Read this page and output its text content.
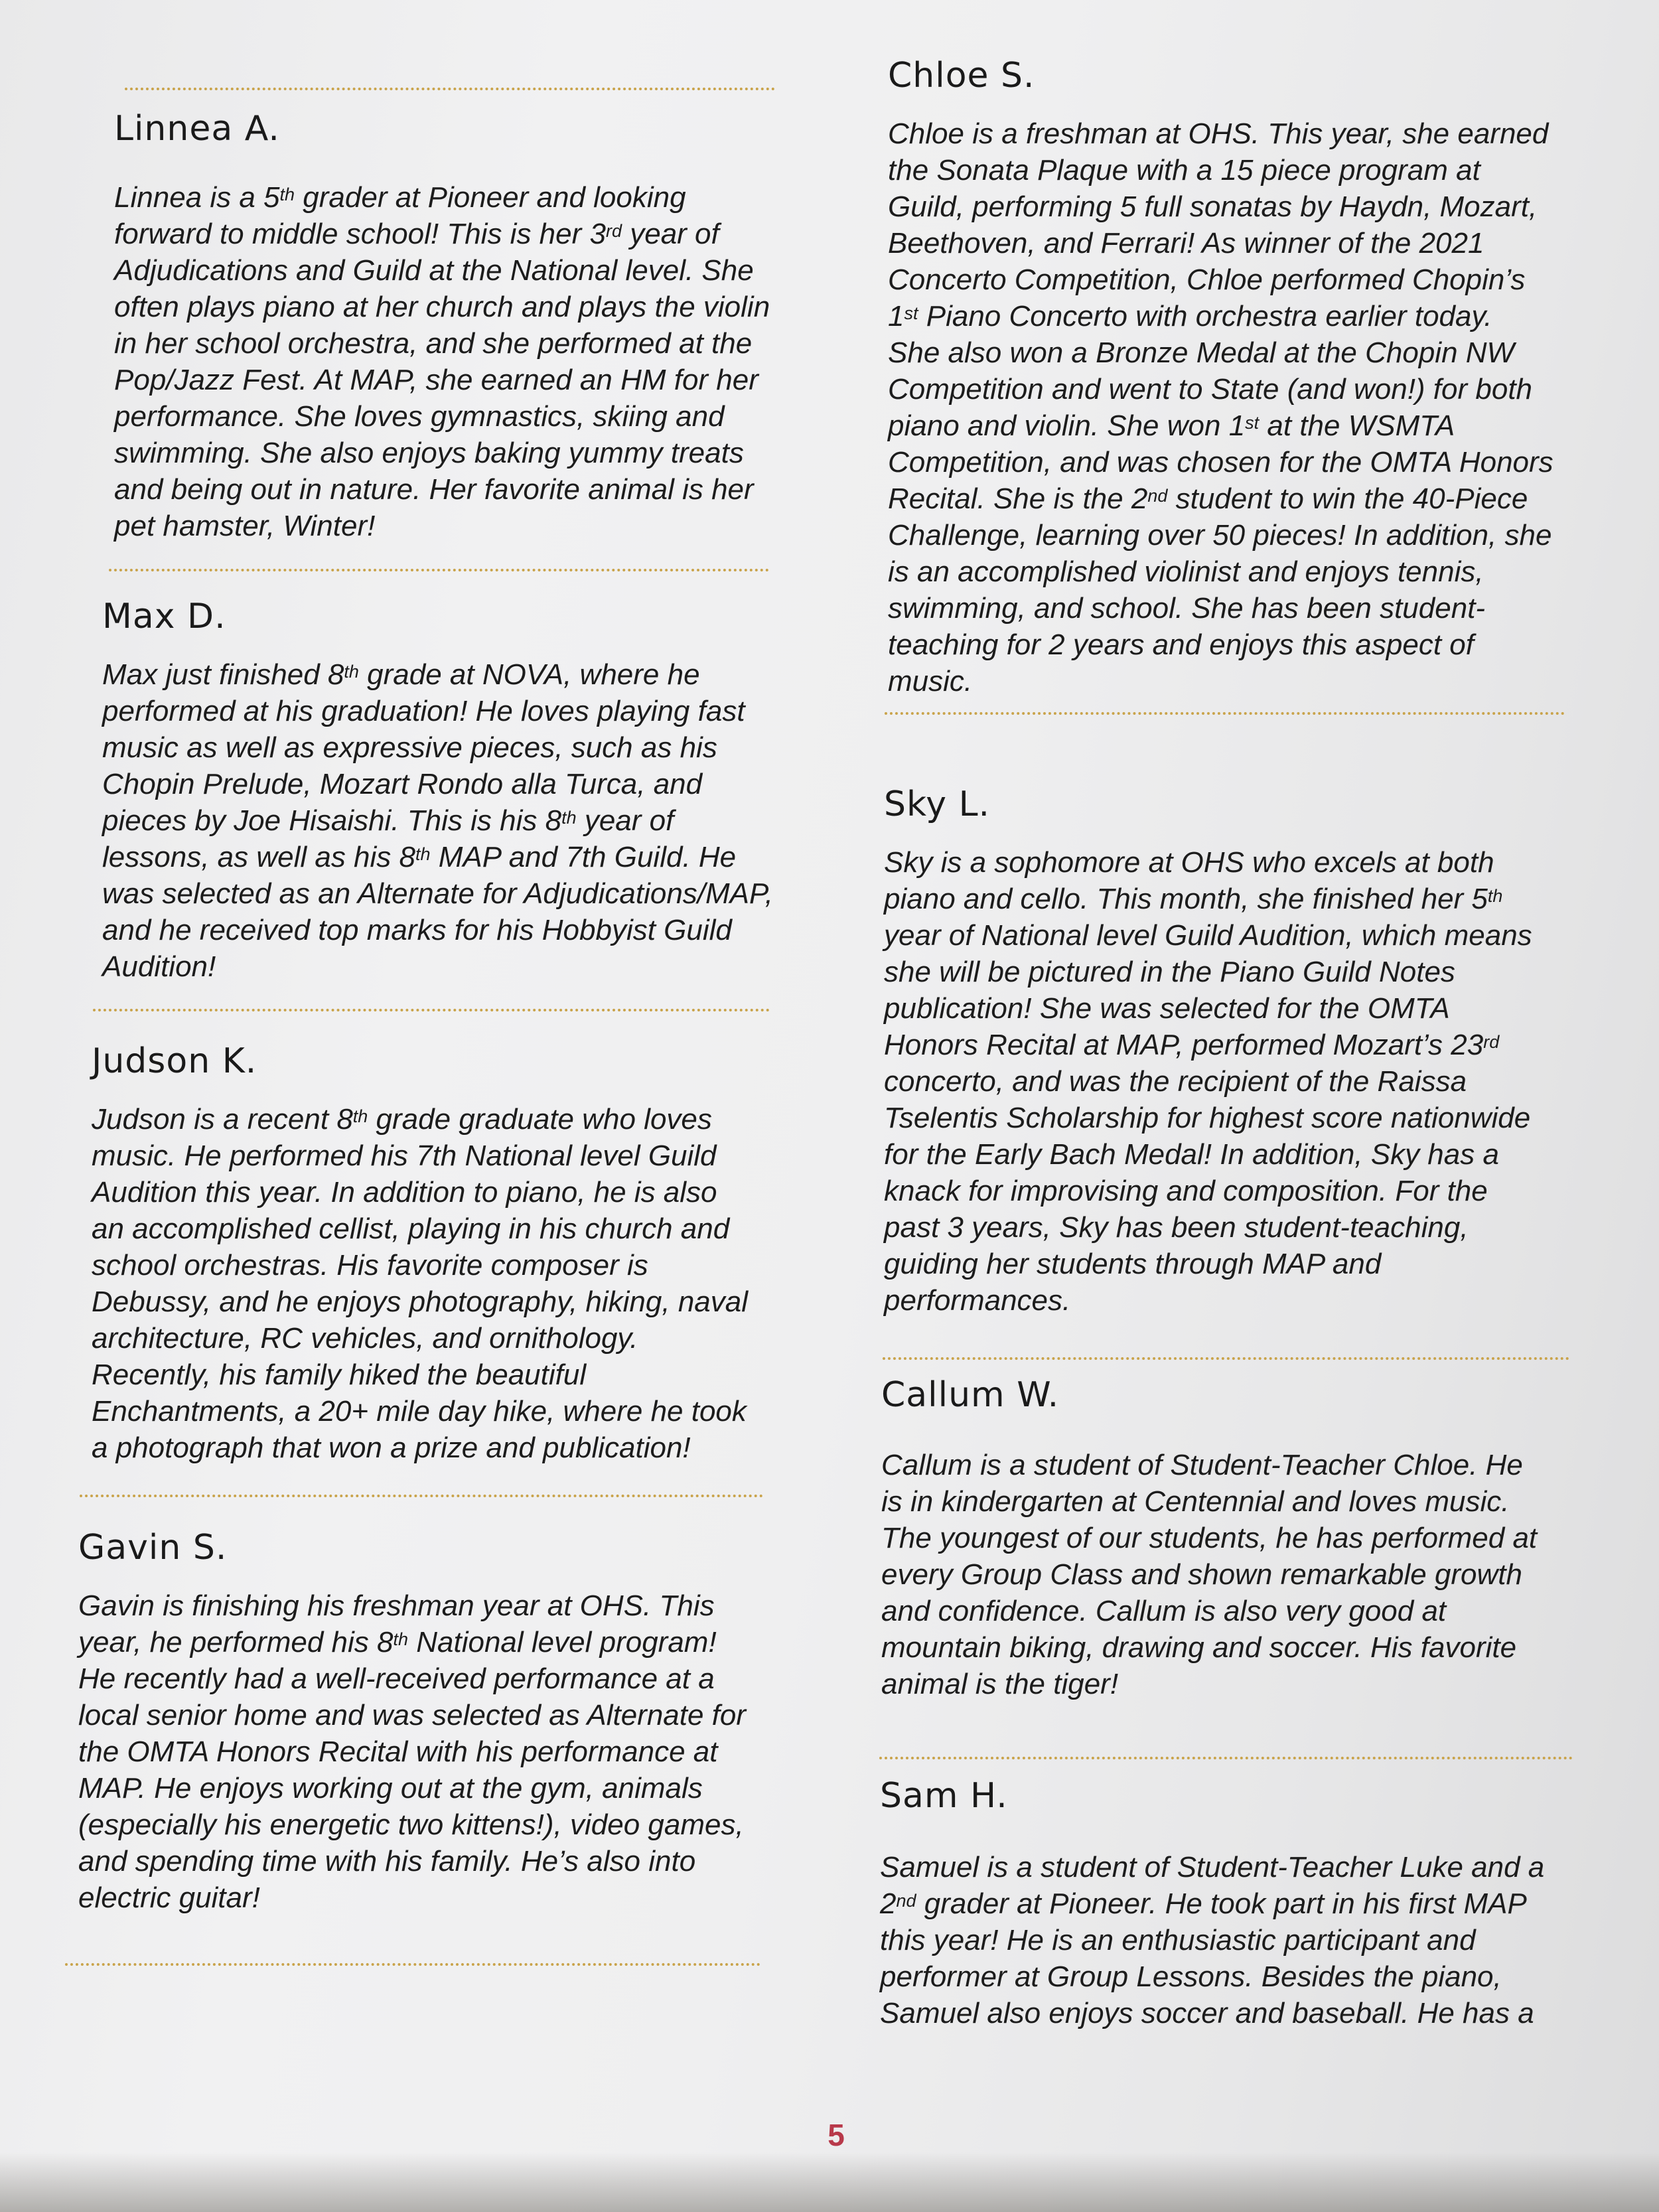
Linnea A.

Linnea is a 5th grader at Pioneer and looking
forward to middle school! This is her 3rd year of
Adjudications and Guild at the National level. She
often plays piano at her church and plays the violin
in her school orchestra, and she performed at the
Pop/Jazz Fest. At MAP, she earned an HM for her
performance. She loves gymnastics, skiing and
swimming. She also enjoys baking yummy treats
and being out in nature. Her favorite animal is her
pet hamster, Winter!

Max D.

Max just finished 8th grade at NOVA, where he
performed at his graduation! He loves playing fast
music as well as expressive pieces, such as his
Chopin Prelude, Mozart Rondo alla Turca, and
pieces by Joe Hisaishi. This is his 8th year of
lessons, as well as his 8th MAP and 7th Guild. He
was selected as an Alternate for Adjudications/MAP,
and he received top marks for his Hobbyist Guild
Audition!

Judson K.

Judson is a recent 8th grade graduate who loves
music. He performed his 7th National level Guild
Audition this year. In addition to piano, he is also
an accomplished cellist, playing in his church and
school orchestras. His favorite composer is
Debussy, and he enjoys photography, hiking, naval
architecture, RC vehicles, and ornithology.
Recently, his family hiked the beautiful
Enchantments, a 20+ mile day hike, where he took
a photograph that won a prize and publication!

Gavin S.

Gavin is finishing his freshman year at OHS. This
year, he performed his 8th National level program!
He recently had a well-received performance at a
local senior home and was selected as Alternate for
the OMTA Honors Recital with his performance at
MAP. He enjoys working out at the gym, animals
(especially his energetic two kittens!), video games,
and spending time with his family. He’s also into
electric guitar!

Chloe S.

Chloe is a freshman at OHS. This year, she earned
the Sonata Plaque with a 15 piece program at
Guild, performing 5 full sonatas by Haydn, Mozart,
Beethoven, and Ferrari! As winner of the 2021
Concerto Competition, Chloe performed Chopin’s
1st Piano Concerto with orchestra earlier today.
She also won a Bronze Medal at the Chopin NW
Competition and went to State (and won!) for both
piano and violin. She won 1st at the WSMTA
Competition, and was chosen for the OMTA Honors
Recital. She is the 2nd student to win the 40-Piece
Challenge, learning over 50 pieces! In addition, she
is an accomplished violinist and enjoys tennis,
swimming, and school. She has been student-
teaching for 2 years and enjoys this aspect of
music.

Sky L.

Sky is a sophomore at OHS who excels at both
piano and cello. This month, she finished her 5th
year of National level Guild Audition, which means
she will be pictured in the Piano Guild Notes
publication! She was selected for the OMTA
Honors Recital at MAP, performed Mozart’s 23rd
concerto, and was the recipient of the Raissa
Tselentis Scholarship for highest score nationwide
for the Early Bach Medal! In addition, Sky has a
knack for improvising and composition. For the
past 3 years, Sky has been student-teaching,
guiding her students through MAP and
performances.

Callum W.

Callum is a student of Student-Teacher Chloe. He
is in kindergarten at Centennial and loves music.
The youngest of our students, he has performed at
every Group Class and shown remarkable growth
and confidence. Callum is also very good at
mountain biking, drawing and soccer. His favorite
animal is the tiger!

Sam H.

Samuel is a student of Student-Teacher Luke and a
2nd grader at Pioneer. He took part in his first MAP
this year! He is an enthusiastic participant and
performer at Group Lessons. Besides the piano,
Samuel also enjoys soccer and baseball. He has a

5
